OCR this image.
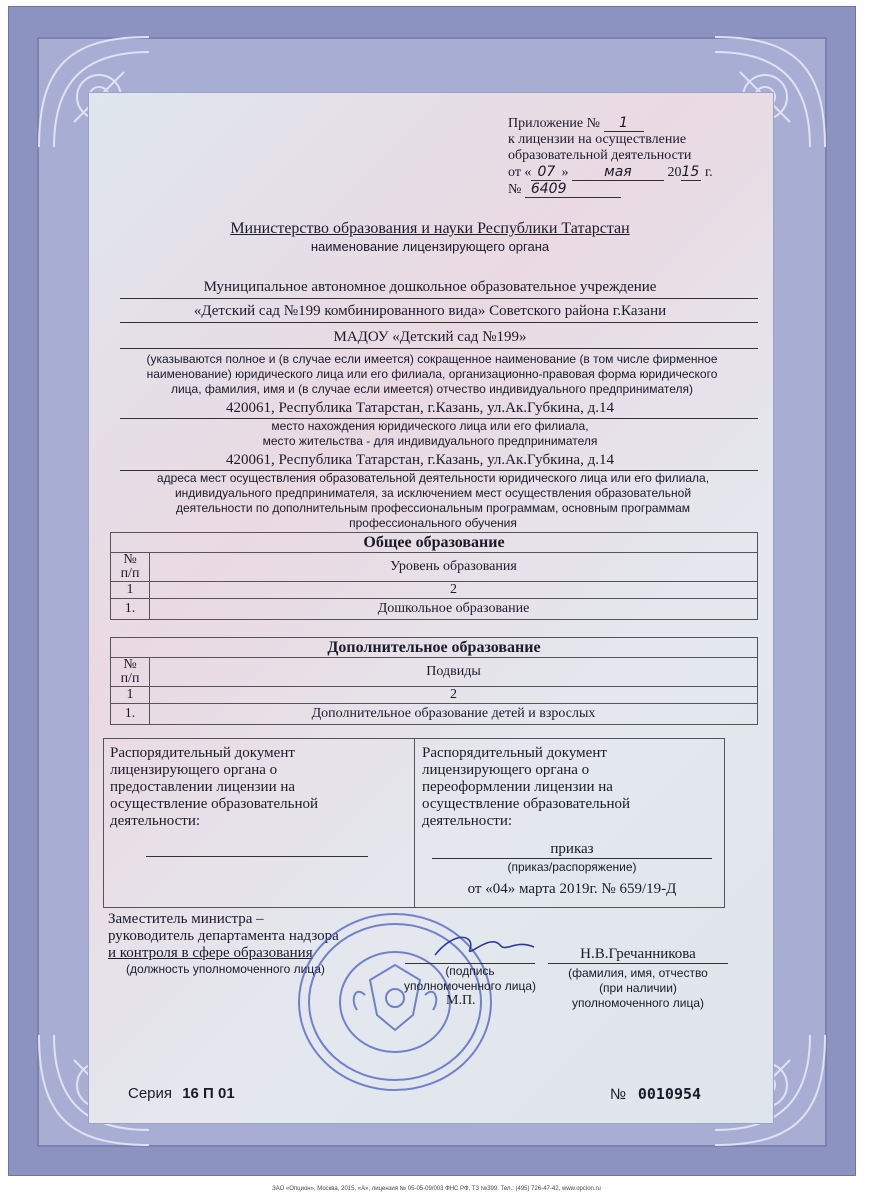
Приложение № 1
к лицензии на осуществление
образовательной деятельности
от « 07 »	мая	2015 г.
№ 6409
Министерство образования и науки Республики Татарстан
наименование лицензирующего органа
Муниципальное автономное дошкольное образовательное учреждение
«Детский сад №199 комбинированного вида» Советского района г.Казани
МАДОУ «Детский сад №199»
(указываются полное и (в случае если имеется) сокращенное наименование (в том числе фирменное
наименование) юридического лица или его филиала, организационно-правовая форма юридического
лица, фамилия, имя и (в случае если имеется) отчество индивидуального предпринимателя)
420061, Республика Татарстан, г.Казань, ул.Ак.Губкина, д.14
место нахождения юридического лица или его филиала,
место жительства - для индивидуального предпринимателя
420061, Республика Татарстан, г.Казань, ул.Ак.Губкина, д.14
адреса мест осуществления образовательной деятельности юридического лица или его филиала,
индивидуального предпринимателя, за исключением мест осуществления образовательной
деятельности по дополнительным профессиональным программам, основным программам
профессионального обучения
Общее образование	

№
п/п	Уровень образования
1	2
1.	Дошкольное образование
Дополнительное образование	

№
п/п	Подвиды
1	2
1.	Дополнительное образование детей и взрослых
Распорядительный документ
лицензирующего органа о
предоставлении лицензии на
осуществление образовательной
деятельности:
Распорядительный документ
лицензирующего органа о
переоформлении лицензии на
осуществление образовательной
деятельности:
приказ
(приказ/распоряжение)
от «04» марта 2019г. № 659/19-Д
Заместитель министра –
руководитель департамента надзора
и контроля в сфере образования
(должность уполномоченного лица)	(подпись
уполномоченного лица)
М.П.
Н.В.Гречанникова
(фамилия, имя, отчество
(при наличии)
уполномоченного лица)
Серия 16 П 01	№ 0010954
ЗАО «Опцион», Москва, 2015, «А», лицензия № 05-05-09/003 ФНС РФ, ТЗ №399. Тел.: (495) 726-47-42, www.opcion.ru
